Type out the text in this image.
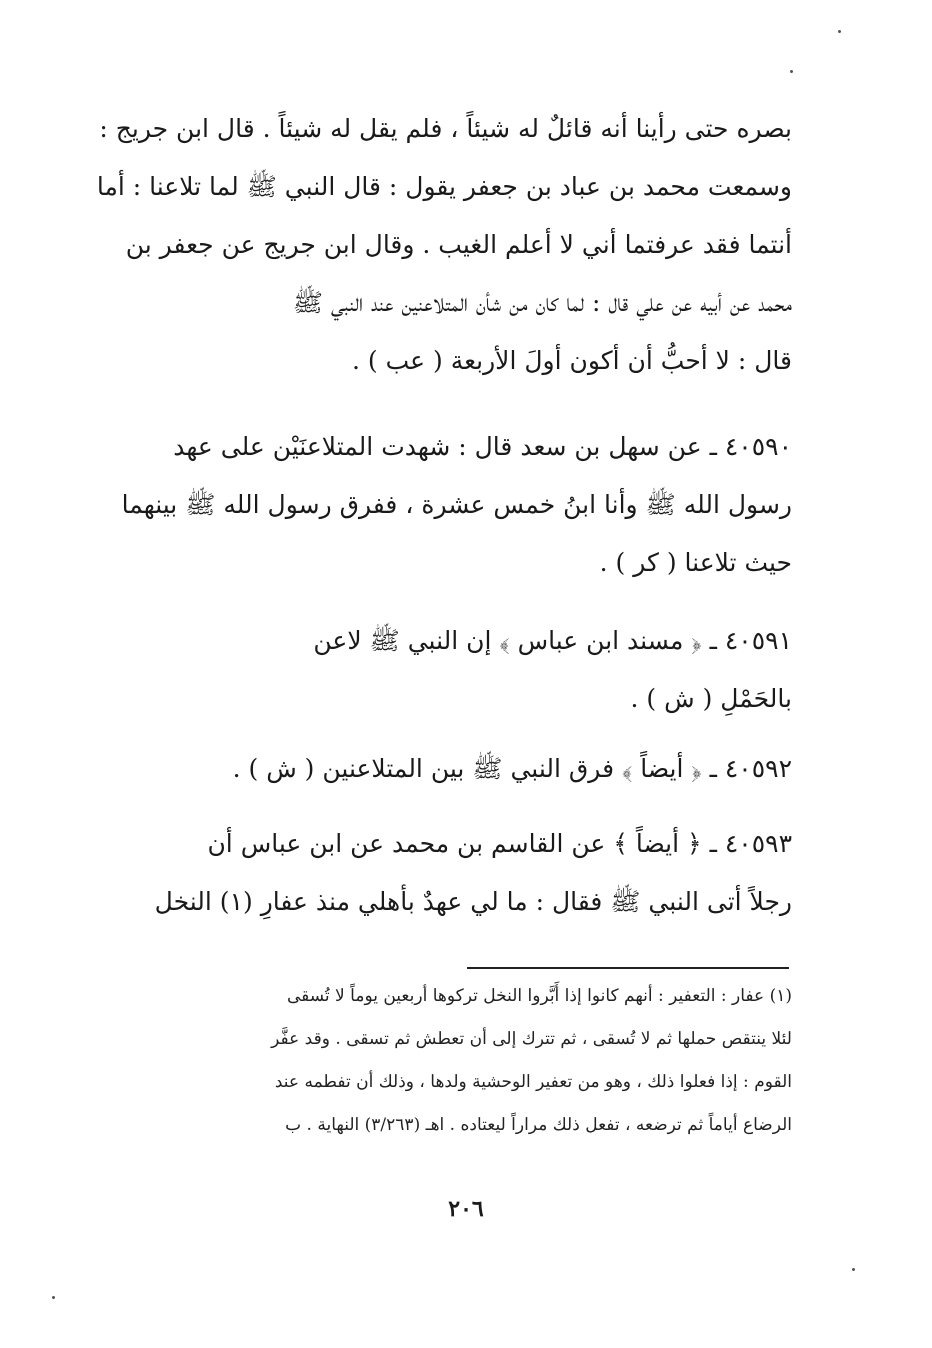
بصره حتى رأينا أنه قائلٌ له شيئاً ، فلم يقل له شيئاً . قال ابن جريج :
وسمعت محمد بن عباد بن جعفر يقول : قال النبي ﷺ لما تلاعنا : أما
أنتما فقد عرفتما أني لا أعلم الغيب . وقال ابن جريج عن جعفر بن
محمد عن أبيه عن علي قال : لما كان من شأن المتلاعنين عند النبي ﷺ
قال : لا أحبُّ أن أكون أولَ الأربعة ( عب ) .
٤٠٥٩٠ ـ عن سهل بن سعد قال : شهدت المتلاعنَيْن على عهد
رسول الله ﷺ وأنا ابنُ خمس عشرة ، ففرق رسول الله ﷺ بينهما
حيث تلاعنا ( كر ) .
٤٠٥٩١ ـ ﴿ مسند ابن عباس ﴾ إن النبي ﷺ لاعن
بالحَمْلِ ( ش ) .
٤٠٥٩٢ ـ ﴿ أيضاً ﴾ فرق النبي ﷺ بين المتلاعنين ( ش ) .
٤٠٥٩٣ ـ ﴿ أيضاً ﴾ عن القاسم بن محمد عن ابن عباس أن
رجلاً أتى النبي ﷺ فقال : ما لي عهدٌ بأهلي منذ عفارِ (١) النخل
(١) عفار : التعفير : أنهم كانوا إذا أَبَّروا النخل تركوها أربعين يوماً لا تُسقى
لئلا ينتقص حملها ثم لا تُسقى ، ثم تترك إلى أن تعطش ثم تسقى . وقد عفَّر
القوم : إذا فعلوا ذلك ، وهو من تعفير الوحشية ولدها ، وذلك أن تفطمه عند
الرضاع أياماً ثم ترضعه ، تفعل ذلك مراراً ليعتاده . اهـ (٣/٢٦٣) النهاية . ب
٢٠٦
